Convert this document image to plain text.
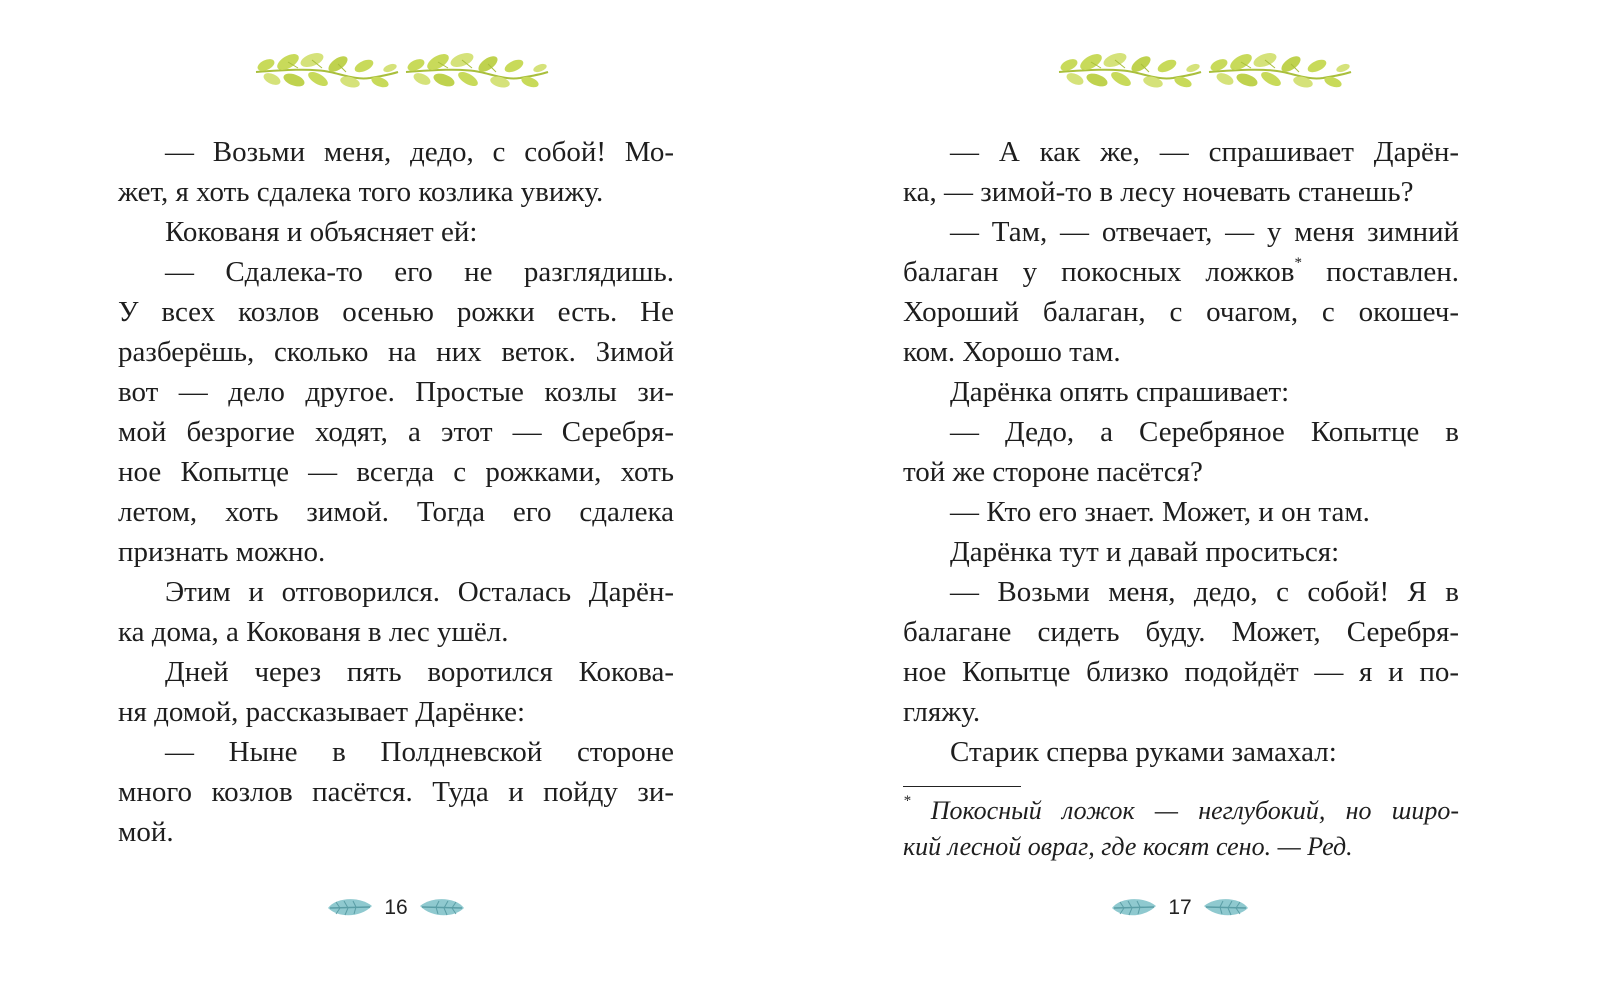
— Возьми меня, дедо, с собой! Мо-
жет, я хоть сдалека того козлика увижу.
Кокованя и объясняет ей:
— Сдалека-то его не разглядишь.
У всех козлов осенью рожки есть. Не
разберёшь, сколько на них веток. Зимой
вот — дело другое. Простые козлы зи-
мой безрогие ходят, а этот — Серебря-
ное Копытце — всегда с рожками, хоть
летом, хоть зимой. Тогда его сдалека
признать можно.
Этим и отговорился. Осталась Дарён-
ка дома, а Кокованя в лес ушёл.
Дней через пять воротился Кокова-
ня домой, рассказывает Дарёнке:
— Ныне в Полдневской стороне
много козлов пасётся. Туда и пойду зи-
мой.
16
— А как же, — спрашивает Дарён-
ка, — зимой-то в лесу ночевать станешь?
— Там, — отвечает, — у меня зимний
балаган у покосных ложков* поставлен.
Хороший балаган, с очагом, с окошеч-
ком. Хорошо там.
Дарёнка опять спрашивает:
— Дедо, а Серебряное Копытце в
той же стороне пасётся?
— Кто его знает. Может, и он там.
Дарёнка тут и давай проситься:
— Возьми меня, дедо, с собой! Я в
балагане сидеть буду. Может, Серебря-
ное Копытце близко подойдёт — я и по-
гляжу.
Старик сперва руками замахал:
* Покосный ложок — неглубокий, но широ-
кий лесной овраг, где косят сено. — Ред.
17
